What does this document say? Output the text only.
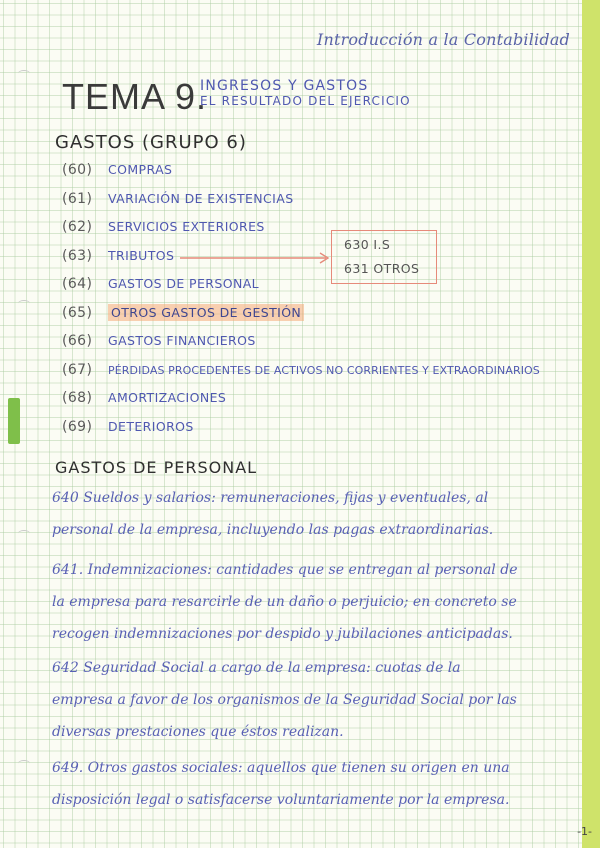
Introducción a la Contabilidad
TEMA 9.
INGRESOS Y GASTOS
EL RESULTADO DEL EJERCICIO
GASTOS (GRUPO 6)
(60) COMPRAS
(61) VARIACIÓN DE EXISTENCIAS
(62) SERVICIOS EXTERIORES
(63) TRIBUTOS
(64) GASTOS DE PERSONAL
(65) OTROS GASTOS DE GESTIÓN
(66) GASTOS FINANCIEROS
(67) PÉRDIDAS PROCEDENTES DE ACTIVOS NO CORRIENTES Y EXTRAORDINARIOS
(68) AMORTIZACIONES
(69) DETERIOROS
630 I.S
631 OTROS
GASTOS DE PERSONAL
640 Sueldos y salarios: remuneraciones, fijas y eventuales, al
personal de la empresa, incluyendo las pagas extraordinarias.
641. Indemnizaciones: cantidades que se entregan al personal de
la empresa para resarcirle de un daño o perjuicio; en concreto se
recogen indemnizaciones por despido y jubilaciones anticipadas.
642 Seguridad Social a cargo de la empresa: cuotas de la
empresa a favor de los organismos de la Seguridad Social por las
diversas prestaciones que éstos realizan.
649. Otros gastos sociales: aquellos que tienen su origen en una
disposición legal o satisfacerse voluntariamente por la empresa.
-1-
